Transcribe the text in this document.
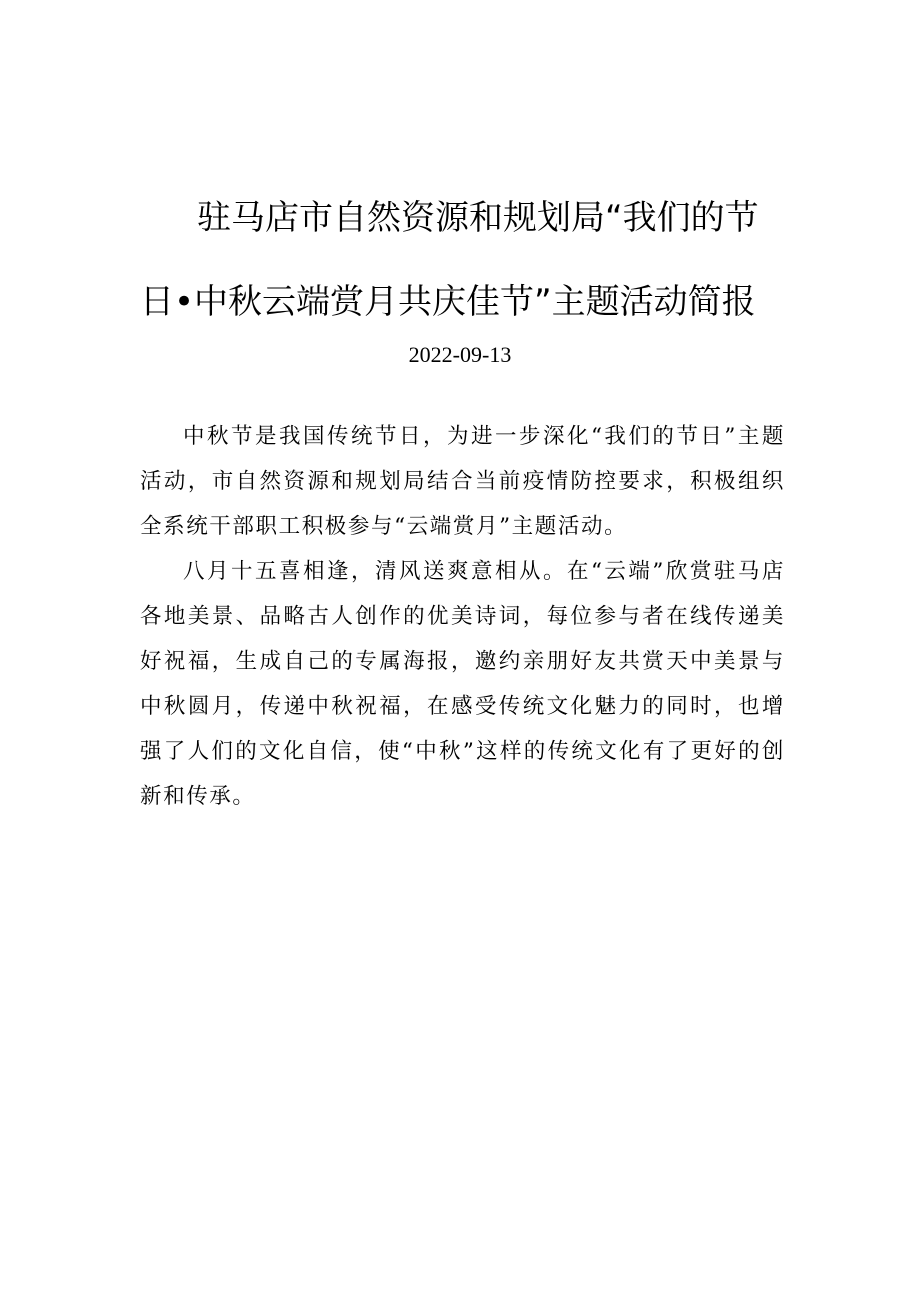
驻马店市自然资源和规划局“我们的节
日•中秋云端赏月共庆佳节”主题活动简报
2022-09-13

中秋节是我国传统节日，为进一步深化“我们的节日”主题活动，市自然资源和规划局结合当前疫情防控要求，积极组织全系统干部职工积极参与“云端赏月”主题活动。

八月十五喜相逢，清风送爽意相从。在“云端”欣赏驻马店各地美景、品略古人创作的优美诗词，每位参与者在线传递美好祝福，生成自己的专属海报，邀约亲朋好友共赏天中美景与中秋圆月，传递中秋祝福，在感受传统文化魅力的同时，也增强了人们的文化自信，使“中秋”这样的传统文化有了更好的创新和传承。
